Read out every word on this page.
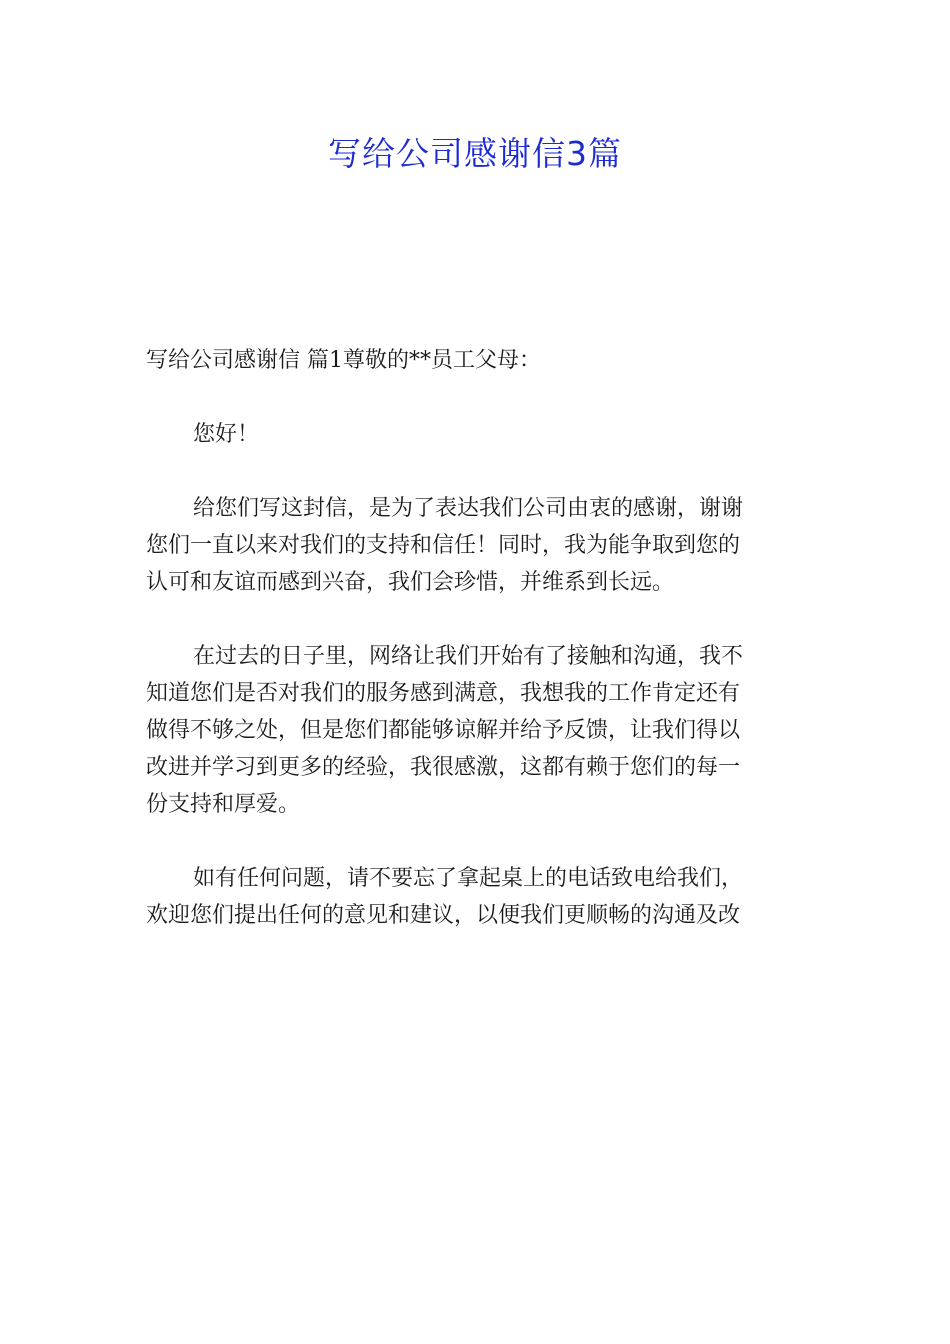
写给公司感谢信3篇

写给公司感谢信 篇1尊敬的**员工父母：

您好！

给您们写这封信，是为了表达我们公司由衷的感谢，谢谢
您们一直以来对我们的支持和信任！同时，我为能争取到您的
认可和友谊而感到兴奋，我们会珍惜，并维系到长远。

在过去的日子里，网络让我们开始有了接触和沟通，我不
知道您们是否对我们的服务感到满意，我想我的工作肯定还有
做得不够之处，但是您们都能够谅解并给予反馈，让我们得以
改进并学习到更多的经验，我很感激，这都有赖于您们的每一
份支持和厚爱。

如有任何问题，请不要忘了拿起桌上的电话致电给我们，
欢迎您们提出任何的意见和建议，以便我们更顺畅的沟通及改
